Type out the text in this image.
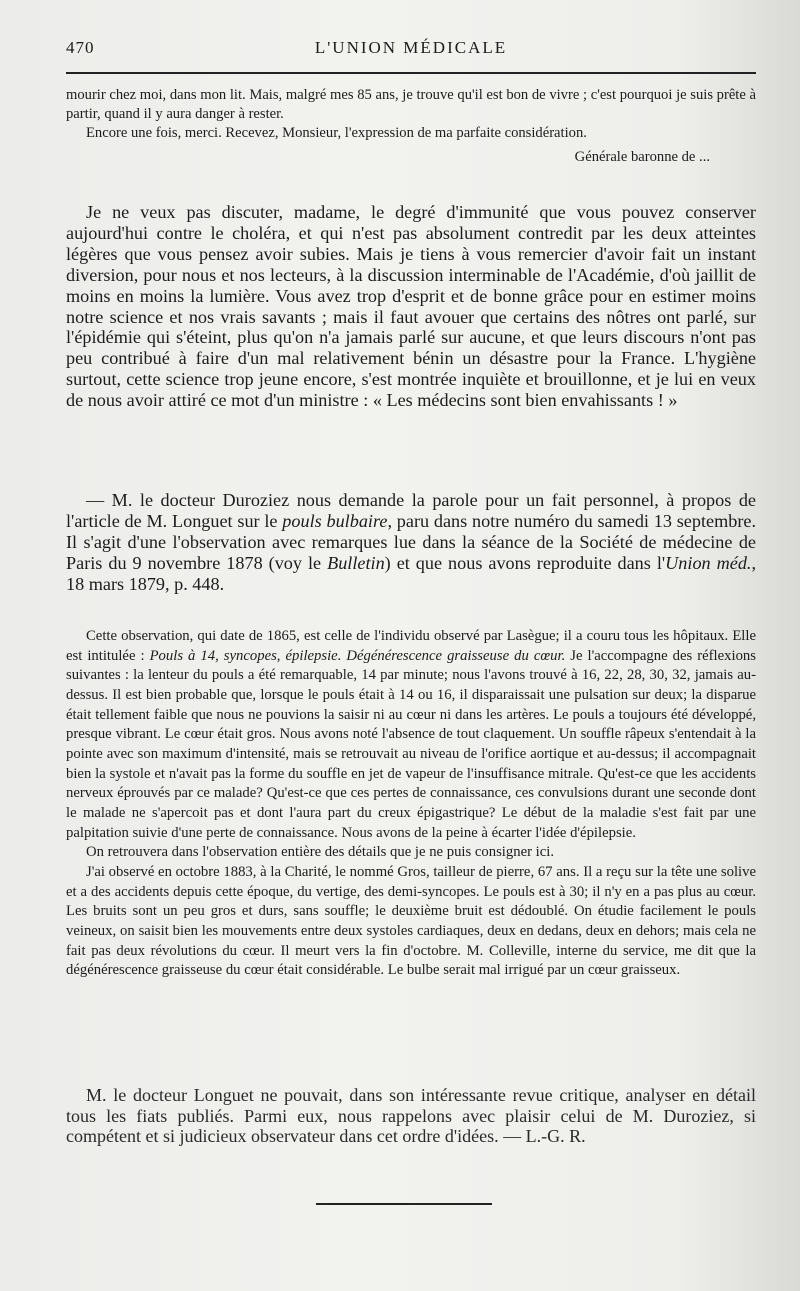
470	L'UNION MÉDICALE

mourir chez moi, dans mon lit. Mais, malgré mes 85 ans, je trouve qu'il est bon de vivre ; c'est pourquoi je suis prête à partir, quand il y aura danger à rester.

Encore une fois, merci. Recevez, Monsieur, l'expression de ma parfaite considération.

Générale baronne de ...

Je ne veux pas discuter, madame, le degré d'immunité que vous pouvez conserver aujourd'hui contre le choléra, et qui n'est pas absolument contredit par les deux atteintes légères que vous pensez avoir subies. Mais je tiens à vous remercier d'avoir fait un instant diversion, pour nous et nos lecteurs, à la discussion interminable de l'Académie, d'où jaillit de moins en moins la lumière. Vous avez trop d'esprit et de bonne grâce pour en estimer moins notre science et nos vrais savants ; mais il faut avouer que certains des nôtres ont parlé, sur l'épidémie qui s'éteint, plus qu'on n'a jamais parlé sur aucune, et que leurs discours n'ont pas peu contribué à faire d'un mal relativement bénin un désastre pour la France. L'hygiène surtout, cette science trop jeune encore, s'est montrée inquiète et brouillonne, et je lui en veux de nous avoir attiré ce mot d'un ministre : « Les médecins sont bien envahissants ! »

— M. le docteur Duroziez nous demande la parole pour un fait personnel, à propos de l'article de M. Longuet sur le pouls bulbaire, paru dans notre numéro du samedi 13 septembre. Il s'agit d'une l'observation avec remarques lue dans la séance de la Société de médecine de Paris du 9 novembre 1878 (voy le Bulletin) et que nous avons reproduite dans l'Union méd., 18 mars 1879, p. 448.

Cette observation, qui date de 1865, est celle de l'individu observé par Lasègue; il a couru tous les hôpitaux. Elle est intitulée : Pouls à 14, syncopes, épilepsie. Dégénérescence graisseuse du cœur. Je l'accompagne des réflexions suivantes : la lenteur du pouls a été remarquable, 14 par minute; nous l'avons trouvé à 16, 22, 28, 30, 32, jamais au-dessus. Il est bien probable que, lorsque le pouls était à 14 ou 16, il disparaissait une pulsation sur deux; la disparue était tellement faible que nous ne pouvions la saisir ni au cœur ni dans les artères. Le pouls a toujours été développé, presque vibrant. Le cœur était gros. Nous avons noté l'absence de tout claquement. Un souffle râpeux s'entendait à la pointe avec son maximum d'intensité, mais se retrouvait au niveau de l'orifice aortique et au-dessus; il accompagnait bien la systole et n'avait pas la forme du souffle en jet de vapeur de l'insuffisance mitrale. Qu'est-ce que les accidents nerveux éprouvés par ce malade? Qu'est-ce que ces pertes de connaissance, ces convulsions durant une seconde dont le malade ne s'apercoit pas et dont l'aura part du creux épigastrique? Le début de la maladie s'est fait par une palpitation suivie d'une perte de connaissance. Nous avons de la peine à écarter l'idée d'épilepsie.

On retrouvera dans l'observation entière des détails que je ne puis consigner ici.

J'ai observé en octobre 1883, à la Charité, le nommé Gros, tailleur de pierre, 67 ans. Il a reçu sur la tête une solive et a des accidents depuis cette époque, du vertige, des demi-syncopes. Le pouls est à 30; il n'y en a pas plus au cœur. Les bruits sont un peu gros et durs, sans souffle; le deuxième bruit est dédoublé. On étudie facilement le pouls veineux, on saisit bien les mouvements entre deux systoles cardiaques, deux en dedans, deux en dehors; mais cela ne fait pas deux révolutions du cœur. Il meurt vers la fin d'octobre. M. Colleville, interne du service, me dit que la dégénérescence graisseuse du cœur était considérable. Le bulbe serait mal irrigué par un cœur graisseux.

M. le docteur Longuet ne pouvait, dans son intéressante revue critique, analyser en détail tous les fiats publiés. Parmi eux, nous rappelons avec plaisir celui de M. Duroziez, si compétent et si judicieux observateur dans cet ordre d'idées. — L.-G. R.
